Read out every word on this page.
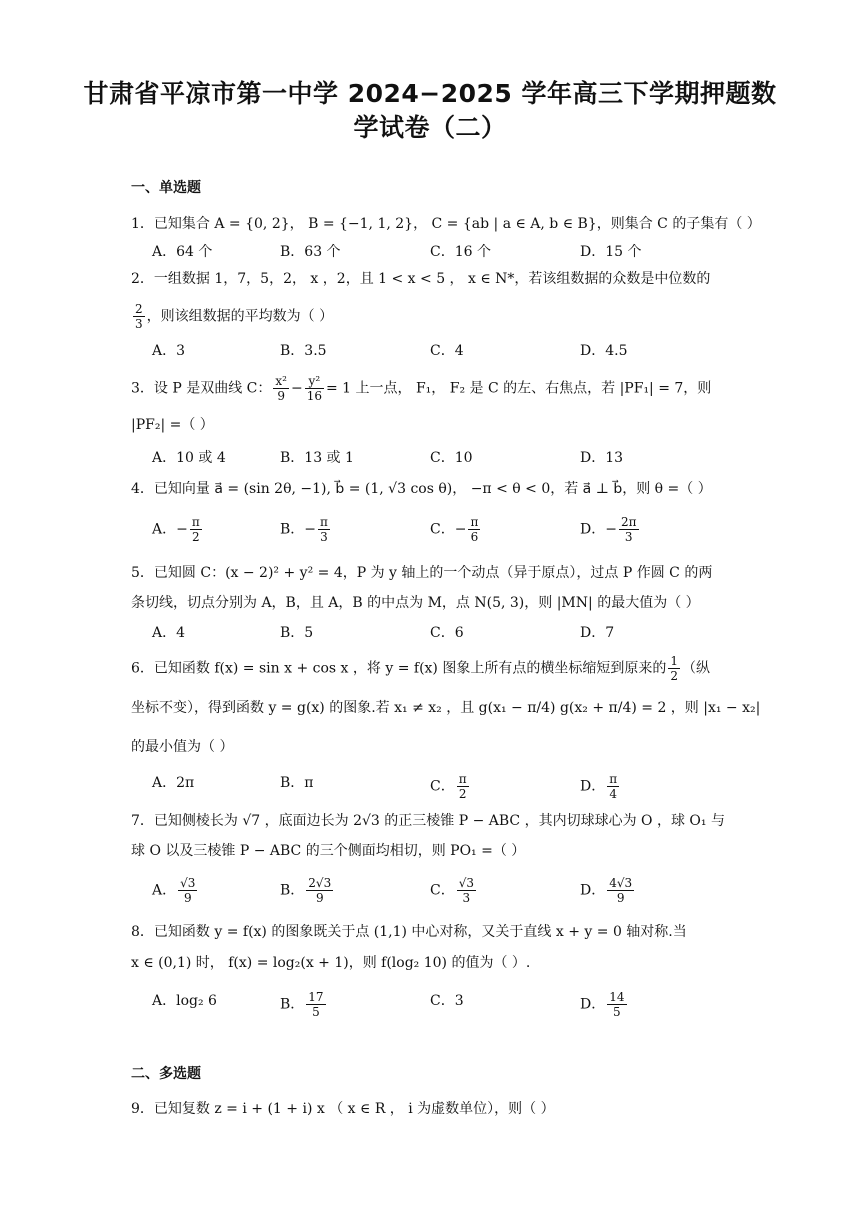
甘肃省平凉市第一中学 2024−2025 学年高三下学期押题数
学试卷（二）
一、单选题
1．已知集合 A = {0, 2}， B = {−1, 1, 2}， C = {ab | a ∈ A, b ∈ B}，则集合 C 的子集有（ ）
A．64 个	B．63 个	C．16 个	D．15 个
2．一组数据 1，7，5，2， x ，2，且 1 < x < 5 ， x ∈ N*，若该组数据的众数是中位数的
$\frac{2}{3}$ ，则该组数据的平均数为（ ）
A．3	B．3.5	C．4	D．4.5
3．设 P 是双曲线 C： $\frac{\text{x²}}{9} - \frac{\text{y²}}{16} = 1$ 上一点， F₁， F₂ 是 C 的左、右焦点，若 |PF₁| = 7，则
|PF₂| =（ ）
A．10 或 4	B．13 或 1	C．10	D．13
4．已知向量 a⃗ = (sin 2θ, −1), b⃗ = (1, √3 cos θ)， −π < θ < 0，若 a⃗ ⊥ b⃗，则 θ =（ ）
A．− $\frac{\pi}{2}$	B．− $\frac{\pi}{3}$	C．− $\frac{\pi}{6}$	D．− $\frac{2\pi}{3}$
5．已知圆 C：(x − 2)² + y² = 4，P 为 y 轴上的一个动点（异于原点），过点 P 作圆 C 的两
条切线，切点分别为 A，B，且 A，B 的中点为 M，点 N(5, 3)，则 |MN| 的最大值为（ ）
A．4	B．5	C．6	D．7
6．已知函数 f(x) = sin x + cos x ，将 y = f(x) 图象上所有点的横坐标缩短到原来的 $\frac{1}{2}$ （纵
坐标不变），得到函数 y = g(x) 的图象.若 x₁ ≠ x₂ ，且 g(x₁ − π/4) g(x₂ + π/4) = 2 ，则 |x₁ − x₂|
的最小值为（ ）
A．2π	B．π	C． $\frac{\pi}{2}$	D． $\frac{\pi}{4}$
7．已知侧棱长为 √7 ，底面边长为 2√3 的正三棱锥 P − ABC ，其内切球球心为 O ，球 O₁ 与
球 O 以及三棱锥 P − ABC 的三个侧面均相切，则 PO₁ =（ ）
A． $\frac{√3}{9}$	B． $\frac{2√3}{9}$	C． $\frac{√3}{3}$	D． $\frac{4√3}{9}$
8．已知函数 y = f(x) 的图象既关于点 (1,1) 中心对称，又关于直线 x + y = 0 轴对称.当
x ∈ (0,1) 时， f(x) = log₂(x + 1)，则 f(log₂ 10) 的值为（ ）.
A．log₂ 6	B． $\frac{17}{5}$	C．3	D． $\frac{14}{5}$
二、多选题
9．已知复数 z = i + (1 + i) x （ x ∈ R ， i 为虚数单位），则（ ）
